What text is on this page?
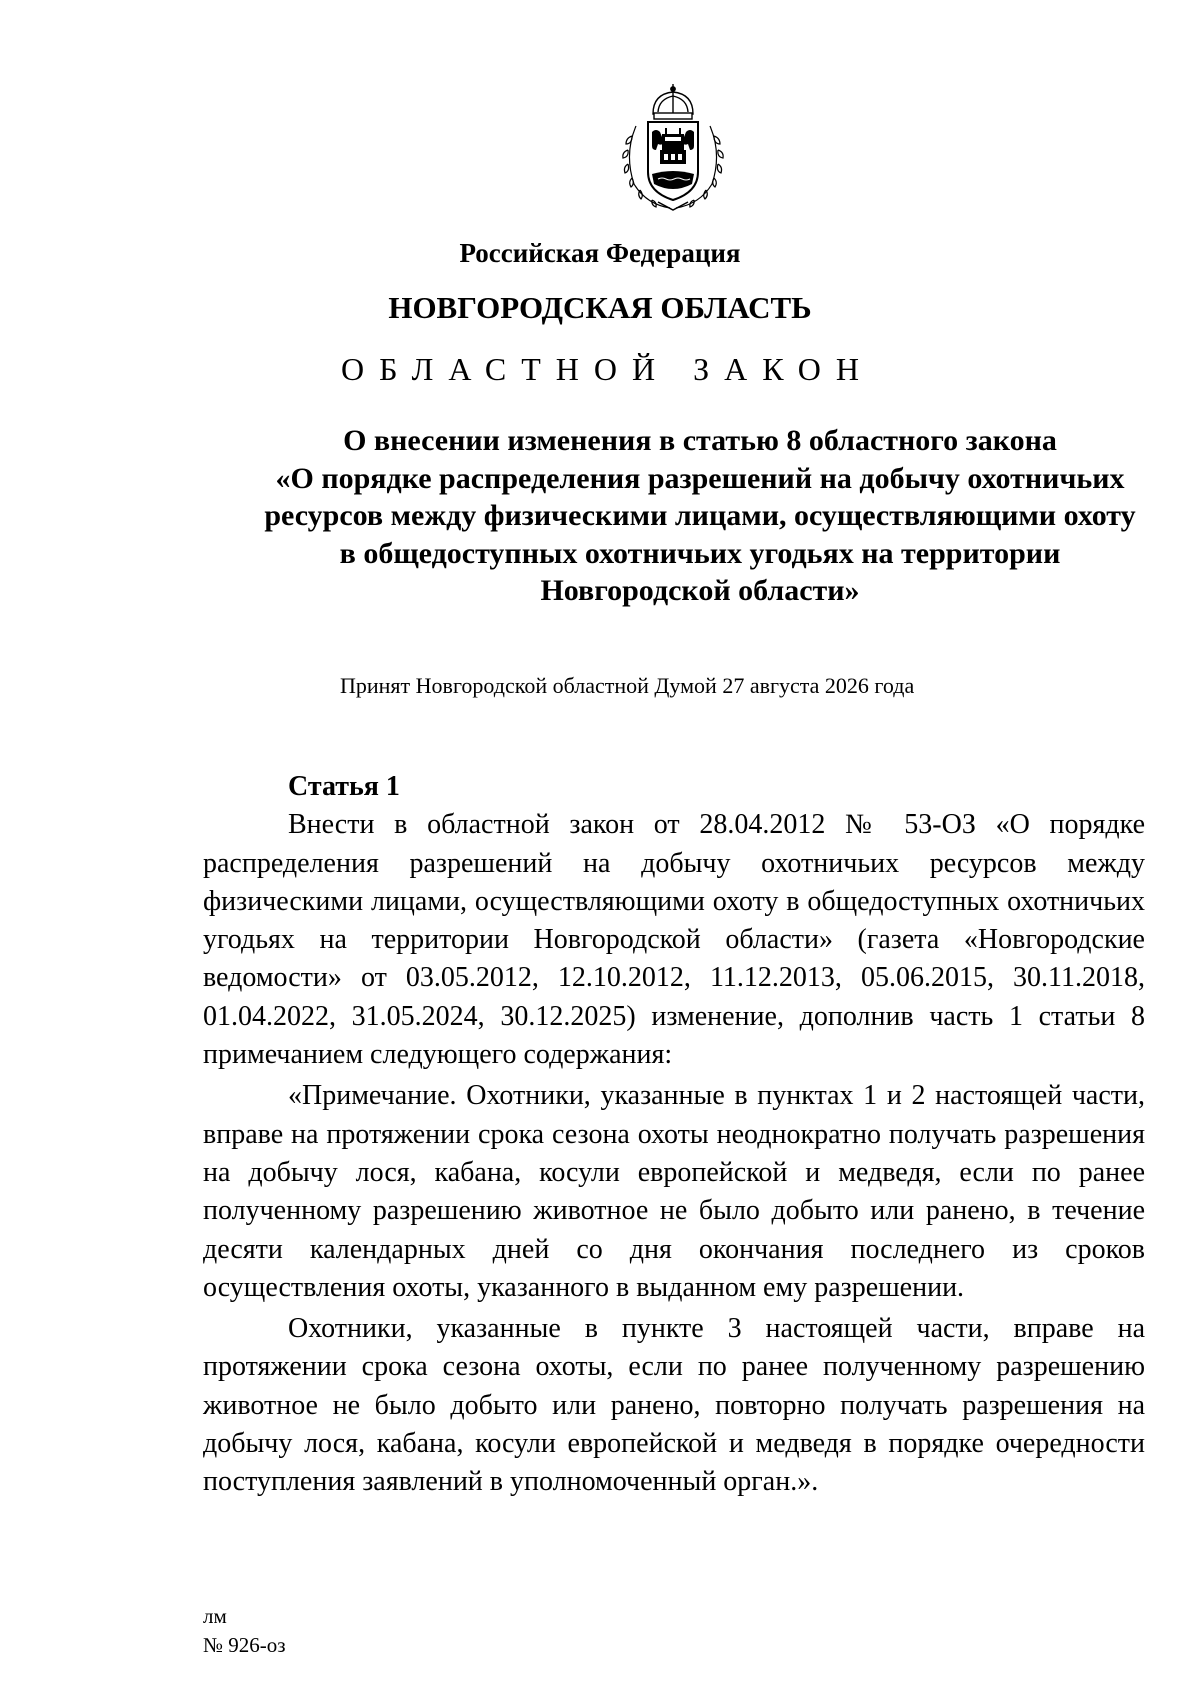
Российская Федерация
НОВГОРОДСКАЯ ОБЛАСТЬ
ОБЛАСТНОЙ ЗАКОН
О внесении изменения в статью 8 областного закона
«О порядке распределения разрешений на добычу охотничьих
ресурсов между физическими лицами, осуществляющими охоту
в общедоступных охотничьих угодьях на территории
Новгородской области»
Принят Новгородской областной Думой 27 августа 2026 года
Статья 1

Внести в областной закон от 28.04.2012 № 53-ОЗ «О порядке распределения разрешений на добычу охотничьих ресурсов между физическими лицами, осуществляющими охоту в общедоступных охотничьих угодьях на территории Новгородской области» (газета «Новгородские ведомости» от 03.05.2012, 12.10.2012, 11.12.2013, 05.06.2015, 30.11.2018, 01.04.2022, 31.05.2024, 30.12.2025) изменение, дополнив часть 1 статьи 8 примечанием следующего содержания:

«Примечание. Охотники, указанные в пунктах 1 и 2 настоящей части, вправе на протяжении срока сезона охоты неоднократно получать разрешения на добычу лося, кабана, косули европейской и медведя, если по ранее полученному разрешению животное не было добыто или ранено, в течение десяти календарных дней со дня окончания последнего из сроков осуществления охоты, указанного в выданном ему разрешении.

Охотники, указанные в пункте 3 настоящей части, вправе на протяжении срока сезона охоты, если по ранее полученному разрешению животное не было добыто или ранено, повторно получать разрешения на добычу лося, кабана, косули европейской и медведя в порядке очередности поступления заявлений в уполномоченный орган.».

лм
№ 926-оз
